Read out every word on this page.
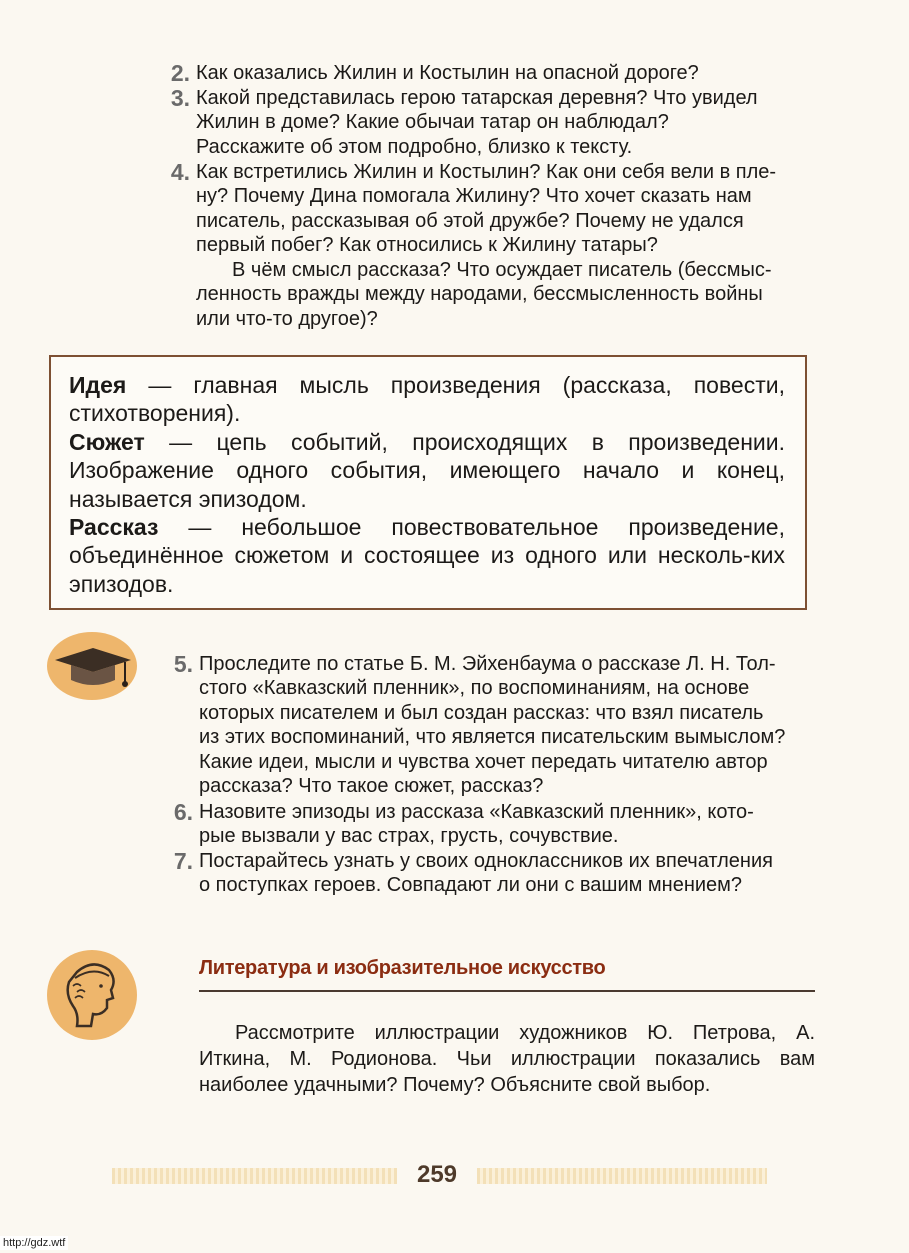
2. Как оказались Жилин и Костылин на опасной дороге?

3. Какой представилась герою татарская деревня? Что увидел

Жилин в доме? Какие обычаи татар он наблюдал?

Расскажите об этом подробно, близко к тексту.

4. Как встретились Жилин и Костылин? Как они себя вели в пле-

ну? Почему Дина помогала Жилину? Что хочет сказать нам

писатель, рассказывая об этой дружбе? Почему не удался

первый побег? Как относились к Жилину татары?

В чём смысл рассказа? Что осуждает писатель (бессмыс-

ленность вражды между народами, бессмысленность войны

или что-то другое)?

Идея — главная мысль произведения (рассказа, повести, стихотворения).

Сюжет — цепь событий, происходящих в произведении. Изображение одного события, имеющего начало и конец, называется эпизодом.

Рассказ — небольшое повествовательное произведение, объединённое сюжетом и состоящее из одного или несколь-ких эпизодов.

5. Проследите по статье Б. М. Эйхенбаума о рассказе Л. Н. Тол-

стого «Кавказский пленник», по воспоминаниям, на основе

которых писателем и был создан рассказ: что взял писатель

из этих воспоминаний, что является писательским вымыслом?

Какие идеи, мысли и чувства хочет передать читателю автор

рассказа? Что такое сюжет, рассказ?

6. Назовите эпизоды из рассказа «Кавказский пленник», кото-

рые вызвали у вас страх, грусть, сочувствие.

7. Постарайтесь узнать у своих одноклассников их впечатления

о поступках героев. Совпадают ли они с вашим мнением?

Литература и изобразительное искусство

Рассмотрите иллюстрации художников Ю. Петрова, А. Иткина, М. Родионова. Чьи иллюстрации показались вам наиболее удачными? Почему? Объясните свой выбор.

259
http://gdz.wtf
